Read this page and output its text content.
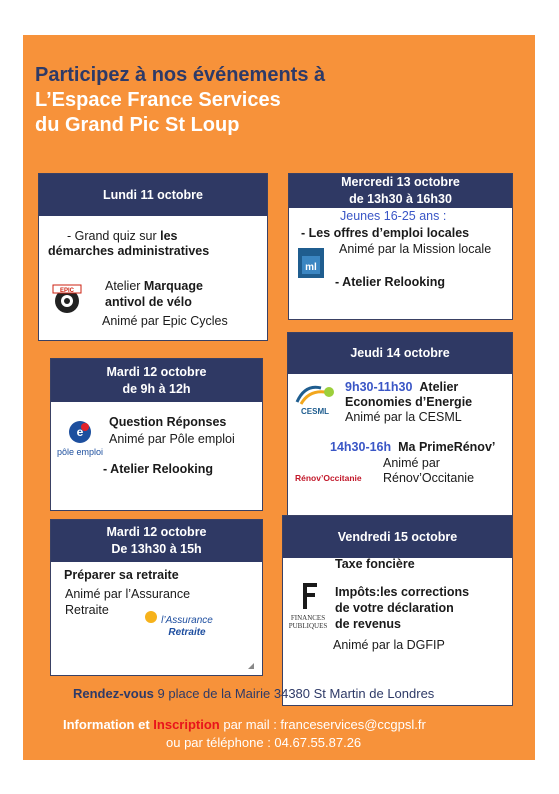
Participez à nos événements à
L’Espace France Services
du Grand Pic St Loup
Lundi 11 octobre
- Grand quiz sur les
démarches administratives
EPIC Atelier Marquage
antivol de vélo
Animé par Epic Cycles
Mercredi 13 octobre
de 13h30 à 16h30
Jeunes 16-25 ans :
- Les offres d’emploi locales
ml
Animé par la Mission locale
- Atelier Relooking
Mardi 12 octobre
de 9h à 12h
e
pôle emploi
Question Réponses
Animé par Pôle emploi
- Atelier Relooking
Jeudi 14 octobre
CESML
9h30-11h30 Atelier
Economies d’Energie
Animé par la CESML
14h30-16h Ma PrimeRénov’
Rénov’Occitanie
Animé par
Rénov’Occitanie
Mardi 12 octobre
De 13h30 à 15h
Préparer sa retraite
Animé par l’Assurance
Retraite
l’Assurance
Retraite
Vendredi 15 octobre
Taxe foncière
FINANCES
PUBLIQUES
Impôts:les corrections
de votre déclaration
de revenus
Animé par la DGFIP
Rendez-vous 9 place de la Mairie 34380 St Martin de Londres
Information et Inscription par mail : franceservices@ccgpsl.fr
ou par téléphone : 04.67.55.87.26
